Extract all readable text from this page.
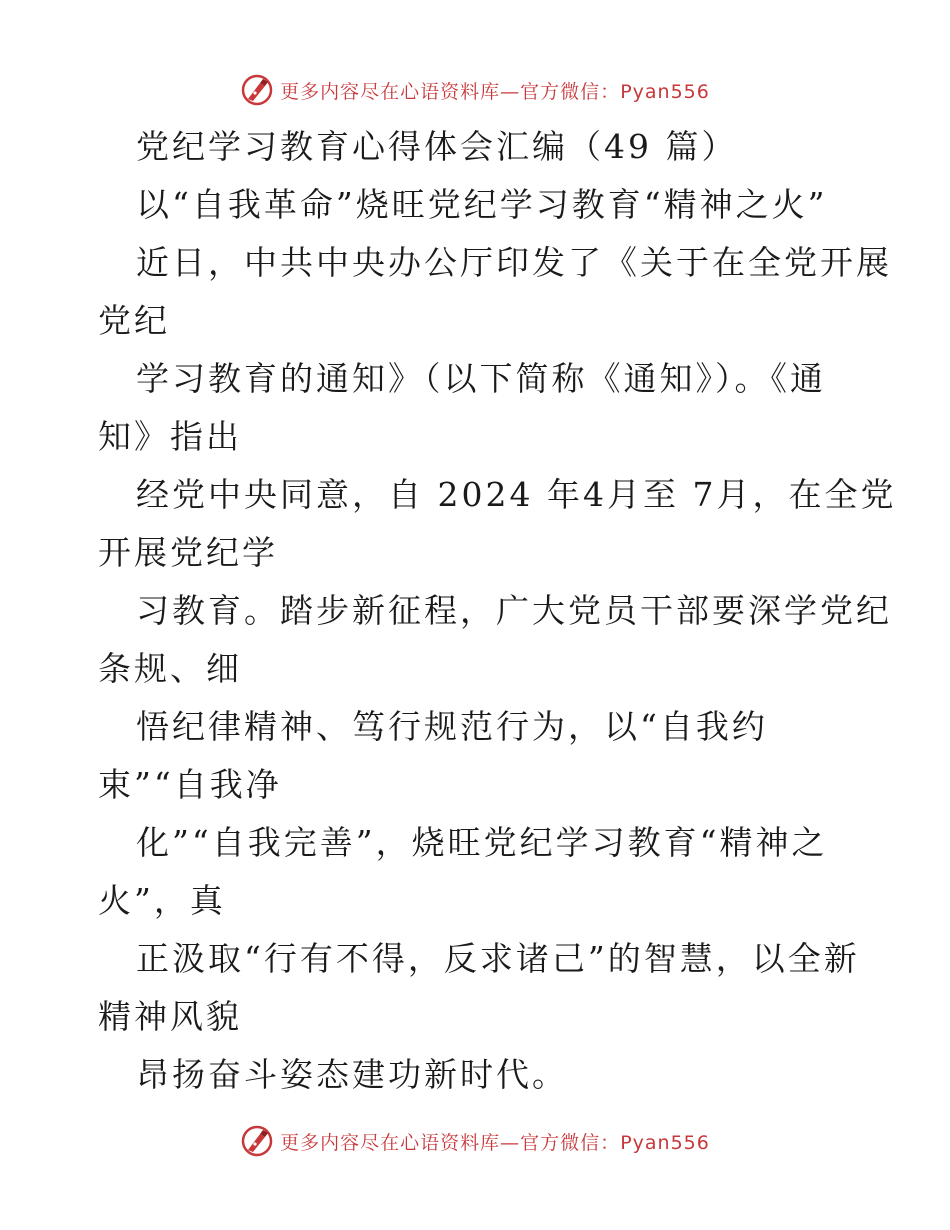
更多内容尽在心语资料库—官方微信：Pyan556
党纪学习教育心得体会汇编（49 篇）
以“自我革命”烧旺党纪学习教育“精神之火”
近日，中共中央办公厅印发了《关于在全党开展
党纪
学习教育的通知》（以下简称《通知》）。《通
知》指出
经党中央同意，自 2024 年4月至 7月，在全党
开展党纪学
习教育。踏步新征程，广大党员干部要深学党纪
条规、细
悟纪律精神、笃行规范行为，以“自我约
束”“自我净
化”“自我完善”，烧旺党纪学习教育“精神之
火”，真
正汲取“行有不得，反求诸己”的智慧，以全新
精神风貌
昂扬奋斗姿态建功新时代。
更多内容尽在心语资料库—官方微信：Pyan556
